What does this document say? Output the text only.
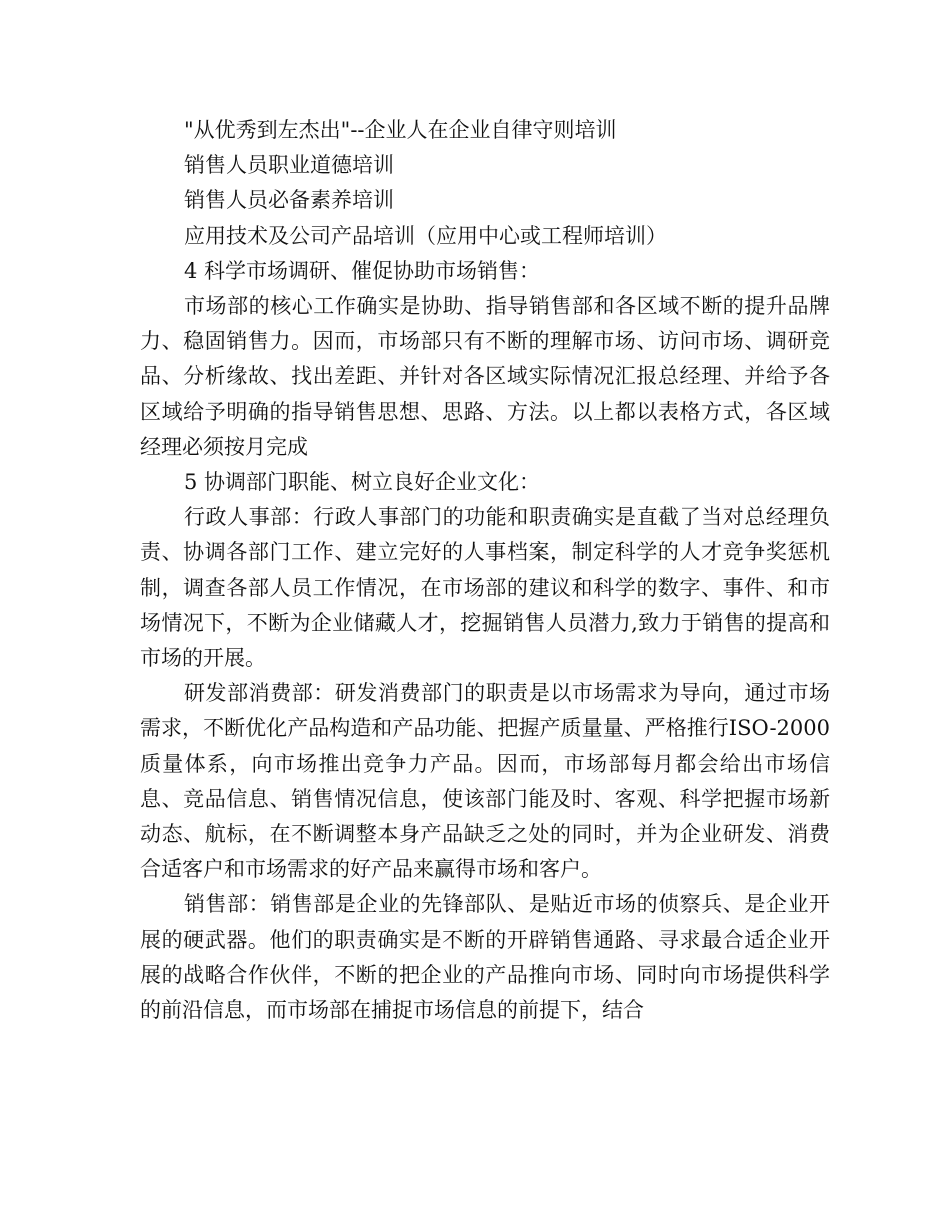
"从优秀到左杰出"--企业人在企业自律守则培训

销售人员职业道德培训

销售人员必备素养培训

应用技术及公司产品培训（应用中心或工程师培训）

4 科学市场调研、催促协助市场销售：

市场部的核心工作确实是协助、指导销售部和各区域不断的提升品牌力、稳固销售力。因而，市场部只有不断的理解市场、访问市场、调研竞品、分析缘故、找出差距、并针对各区域实际情况汇报总经理、并给予各区域给予明确的指导销售思想、思路、方法。以上都以表格方式，各区域经理必须按月完成

5 协调部门职能、树立良好企业文化：

行政人事部：行政人事部门的功能和职责确实是直截了当对总经理负责、协调各部门工作、建立完好的人事档案，制定科学的人才竞争奖惩机制，调查各部人员工作情况，在市场部的建议和科学的数字、事件、和市场情况下，不断为企业储藏人才，挖掘销售人员潜力,致力于销售的提高和市场的开展。

研发部消费部：研发消费部门的职责是以市场需求为导向，通过市场需求，不断优化产品构造和产品功能、把握产质量量、严格推行ISO-2000 质量体系，向市场推出竞争力产品。因而，市场部每月都会给出市场信息、竞品信息、销售情况信息，使该部门能及时、客观、科学把握市场新动态、航标，在不断调整本身产品缺乏之处的同时，并为企业研发、消费合适客户和市场需求的好产品来赢得市场和客户。

销售部：销售部是企业的先锋部队、是贴近市场的侦察兵、是企业开展的硬武器。他们的职责确实是不断的开辟销售通路、寻求最合适企业开展的战略合作伙伴，不断的把企业的产品推向市场、同时向市场提供科学的前沿信息，而市场部在捕捉市场信息的前提下，结合
